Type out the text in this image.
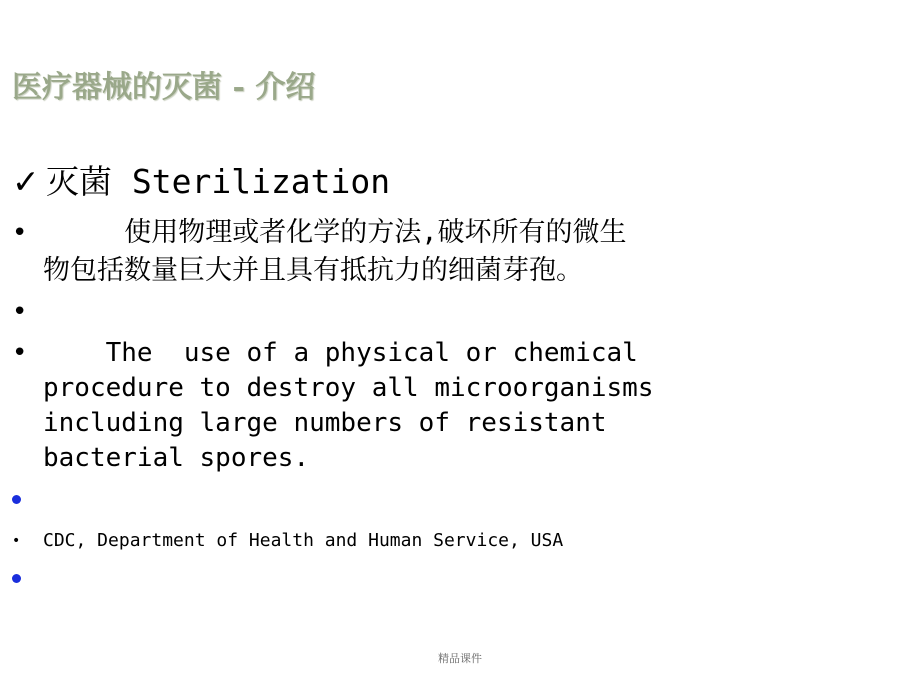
医疗器械的灭菌 - 介绍
✓ 灭菌 Sterilization
•	使用物理或者化学的方法,破坏所有的微生
物包括数量巨大并且具有抵抗力的细菌芽孢。
•
•	The  use of a physical or chemical
procedure to destroy all microorganisms
including large numbers of resistant
bacterial spores.
• CDC, Department of Health and Human Service, USA
精品课件
